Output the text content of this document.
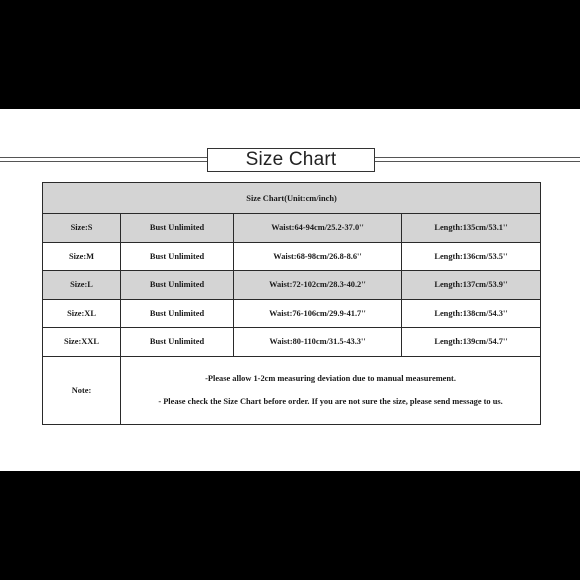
Size Chart
Size Chart(Unit:cm/inch)			
Size:S	Bust Unlimited	Waist:64-94cm/25.2-37.0''	Length:135cm/53.1''
Size:M	Bust Unlimited	Waist:68-98cm/26.8-8.6''	Length:136cm/53.5''
Size:L	Bust Unlimited	Waist:72-102cm/28.3-40.2''	Length:137cm/53.9''
Size:XL	Bust Unlimited	Waist:76-106cm/29.9-41.7''	Length:138cm/54.3''
Size:XXL	Bust Unlimited	Waist:80-110cm/31.5-43.3''	Length:139cm/54.7''
Note:	-Please allow 1-2cm measuring deviation due to manual measurement.
- Please check the Size Chart before order. If you are not sure the size, please send message to us.		
